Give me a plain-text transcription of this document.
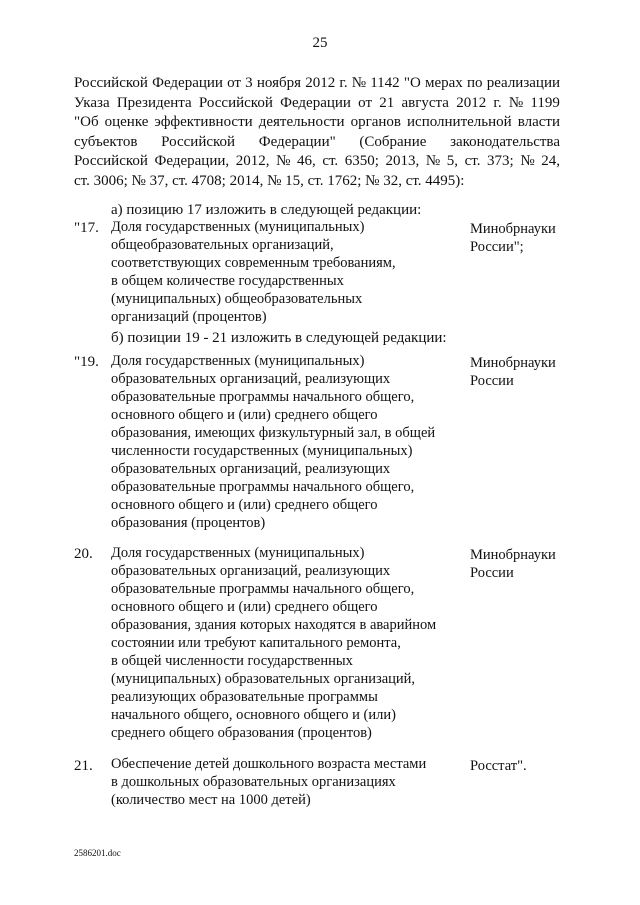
25
Российской Федерации от 3 ноября 2012 г. № 1142 "О мерах по реализации
Указа Президента Российской Федерации от 21 августа 2012 г. № 1199
"Об оценке эффективности деятельности органов исполнительной власти
субъектов Российской Федерации" (Собрание законодательства
Российской Федерации, 2012, № 46, ст. 6350; 2013, № 5, ст. 373; № 24,
ст. 3006; № 37, ст. 4708; 2014, № 15, ст. 1762; № 32, ст. 4495):
а) позицию 17 изложить в следующей редакции:
"17. Доля государственных (муниципальных)
общеобразовательных организаций,
соответствующих современным требованиям,
в общем количестве государственных
(муниципальных) общеобразовательных
организаций (процентов)
Минобрнауки
России";
б) позиции 19 - 21 изложить в следующей редакции:
"19. Доля государственных (муниципальных)
образовательных организаций, реализующих
образовательные программы начального общего,
основного общего и (или) среднего общего
образования, имеющих физкультурный зал, в общей
численности государственных (муниципальных)
образовательных организаций, реализующих
образовательные программы начального общего,
основного общего и (или) среднего общего
образования (процентов)
Минобрнауки
России
20. Доля государственных (муниципальных)
образовательных организаций, реализующих
образовательные программы начального общего,
основного общего и (или) среднего общего
образования, здания которых находятся в аварийном
состоянии или требуют капитального ремонта,
в общей численности государственных
(муниципальных) образовательных организаций,
реализующих образовательные программы
начального общего, основного общего и (или)
среднего общего образования (процентов)
Минобрнауки
России
21. Обеспечение детей дошкольного возраста местами
в дошкольных образовательных организациях
(количество мест на 1000 детей)
Росстат".
2586201.doc
